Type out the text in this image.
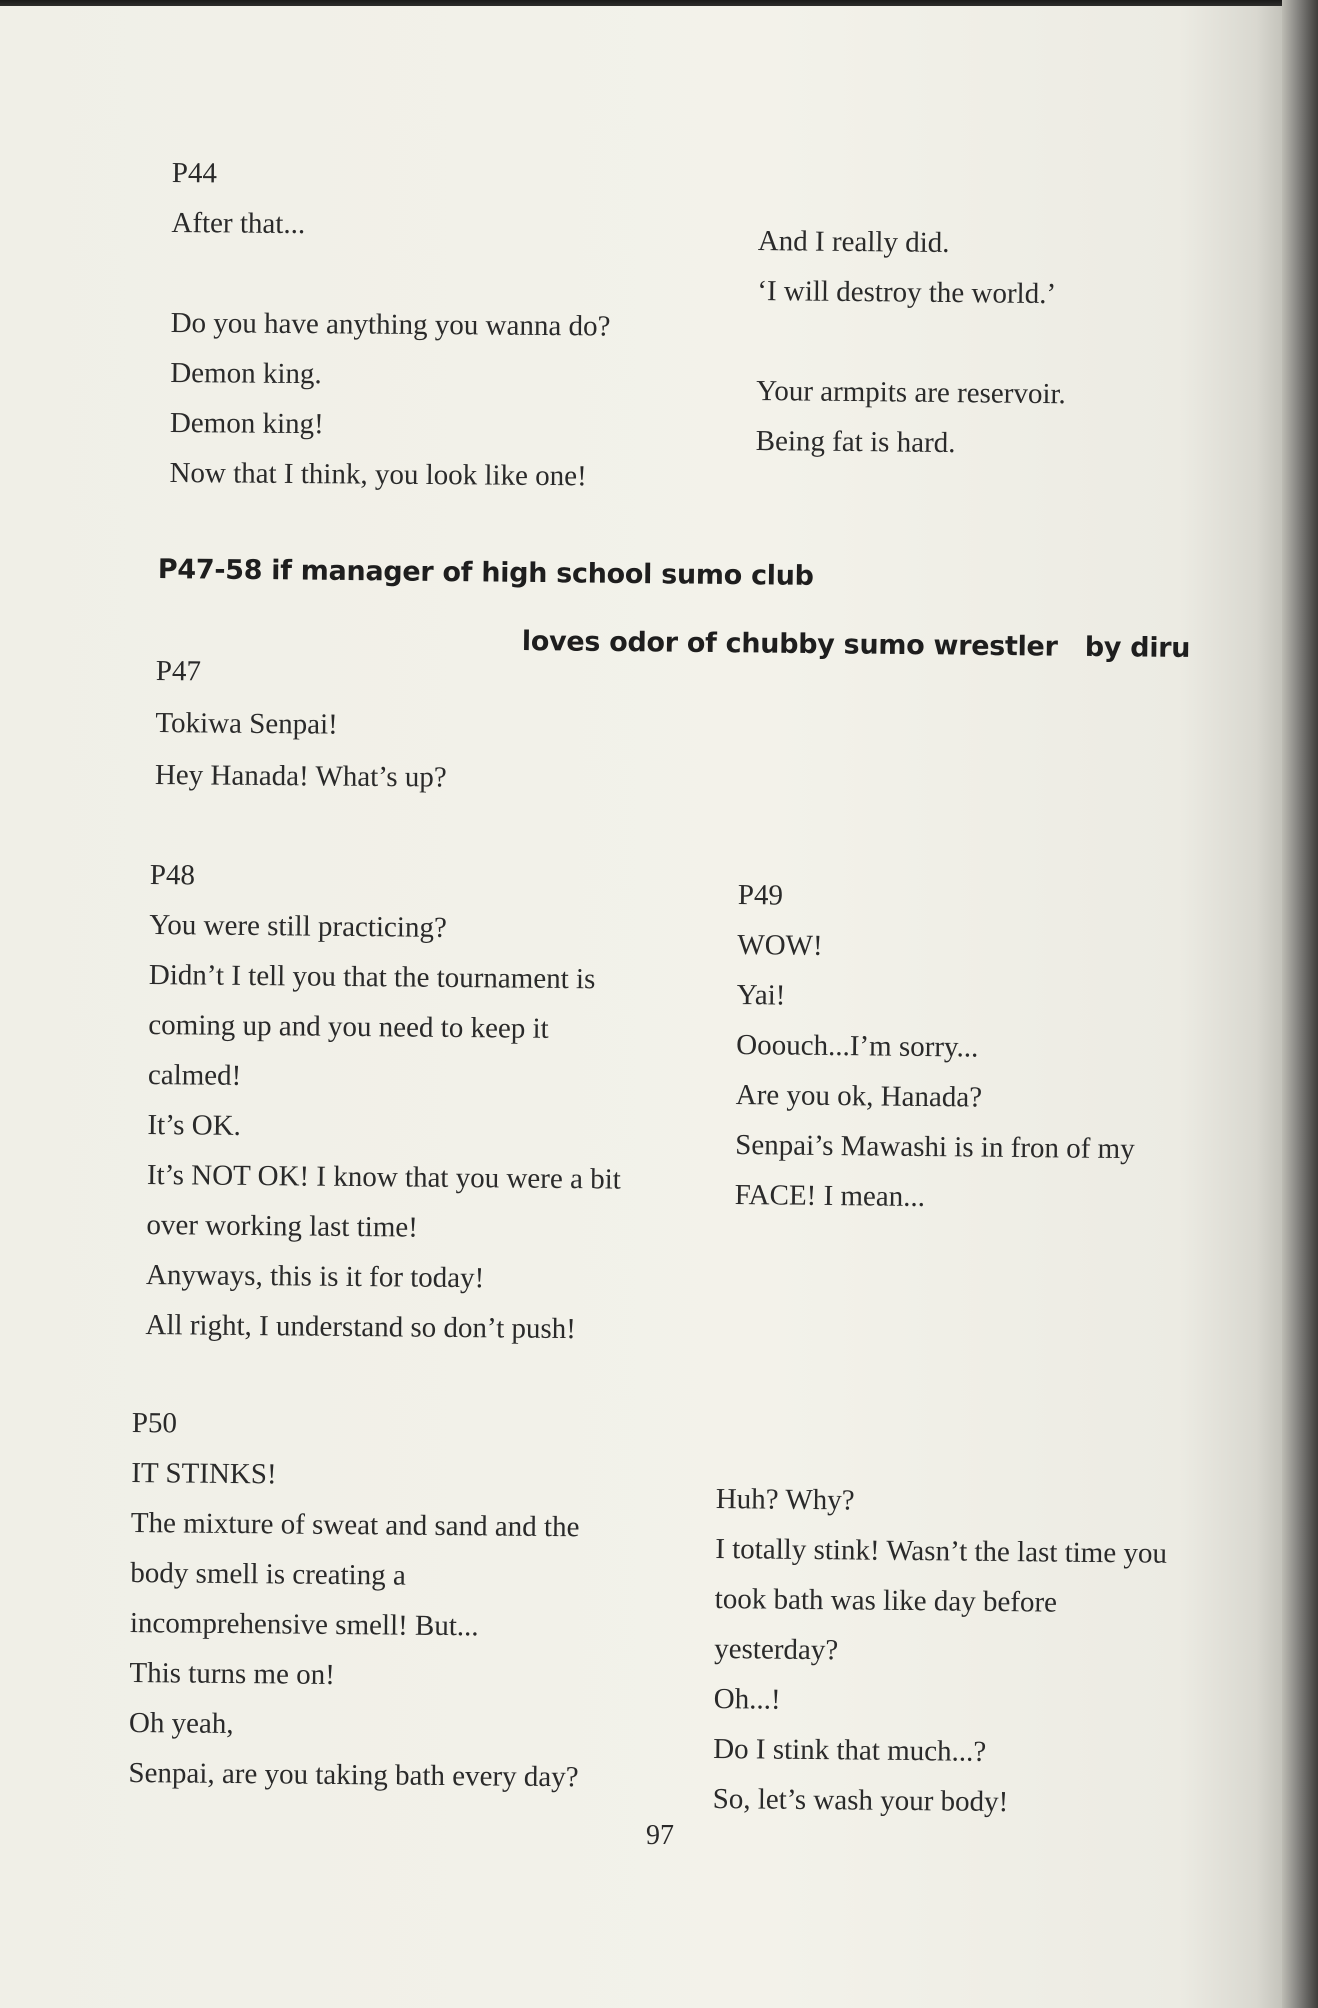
P44
After that...
Do you have anything you wanna do?
Demon king.
Demon king!
Now that I think, you look like one!
And I really did.
‘I will destroy the world.’
Your armpits are reservoir.
Being fat is hard.
P47-58 if manager of high school sumo club
loves odor of chubby sumo wrestler   by diru
P47
Tokiwa Senpai!
Hey Hanada! What’s up?
P48
You were still practicing?
Didn’t I tell you that the tournament is
coming up and you need to keep it
calmed!
It’s OK.
It’s NOT OK! I know that you were a bit
over working last time!
Anyways, this is it for today!
All right, I understand so don’t push!
P49
WOW!
Yai!
Ooouch...I’m sorry...
Are you ok, Hanada?
Senpai’s Mawashi is in fron of my
FACE! I mean...
P50
IT STINKS!
The mixture of sweat and sand and the
body smell is creating a
incomprehensive smell! But...
This turns me on!
Oh yeah,
Senpai, are you taking bath every day?
Huh? Why?
I totally stink! Wasn’t the last time you
took bath was like day before
yesterday?
Oh...!
Do I stink that much...?
So, let’s wash your body!
97
